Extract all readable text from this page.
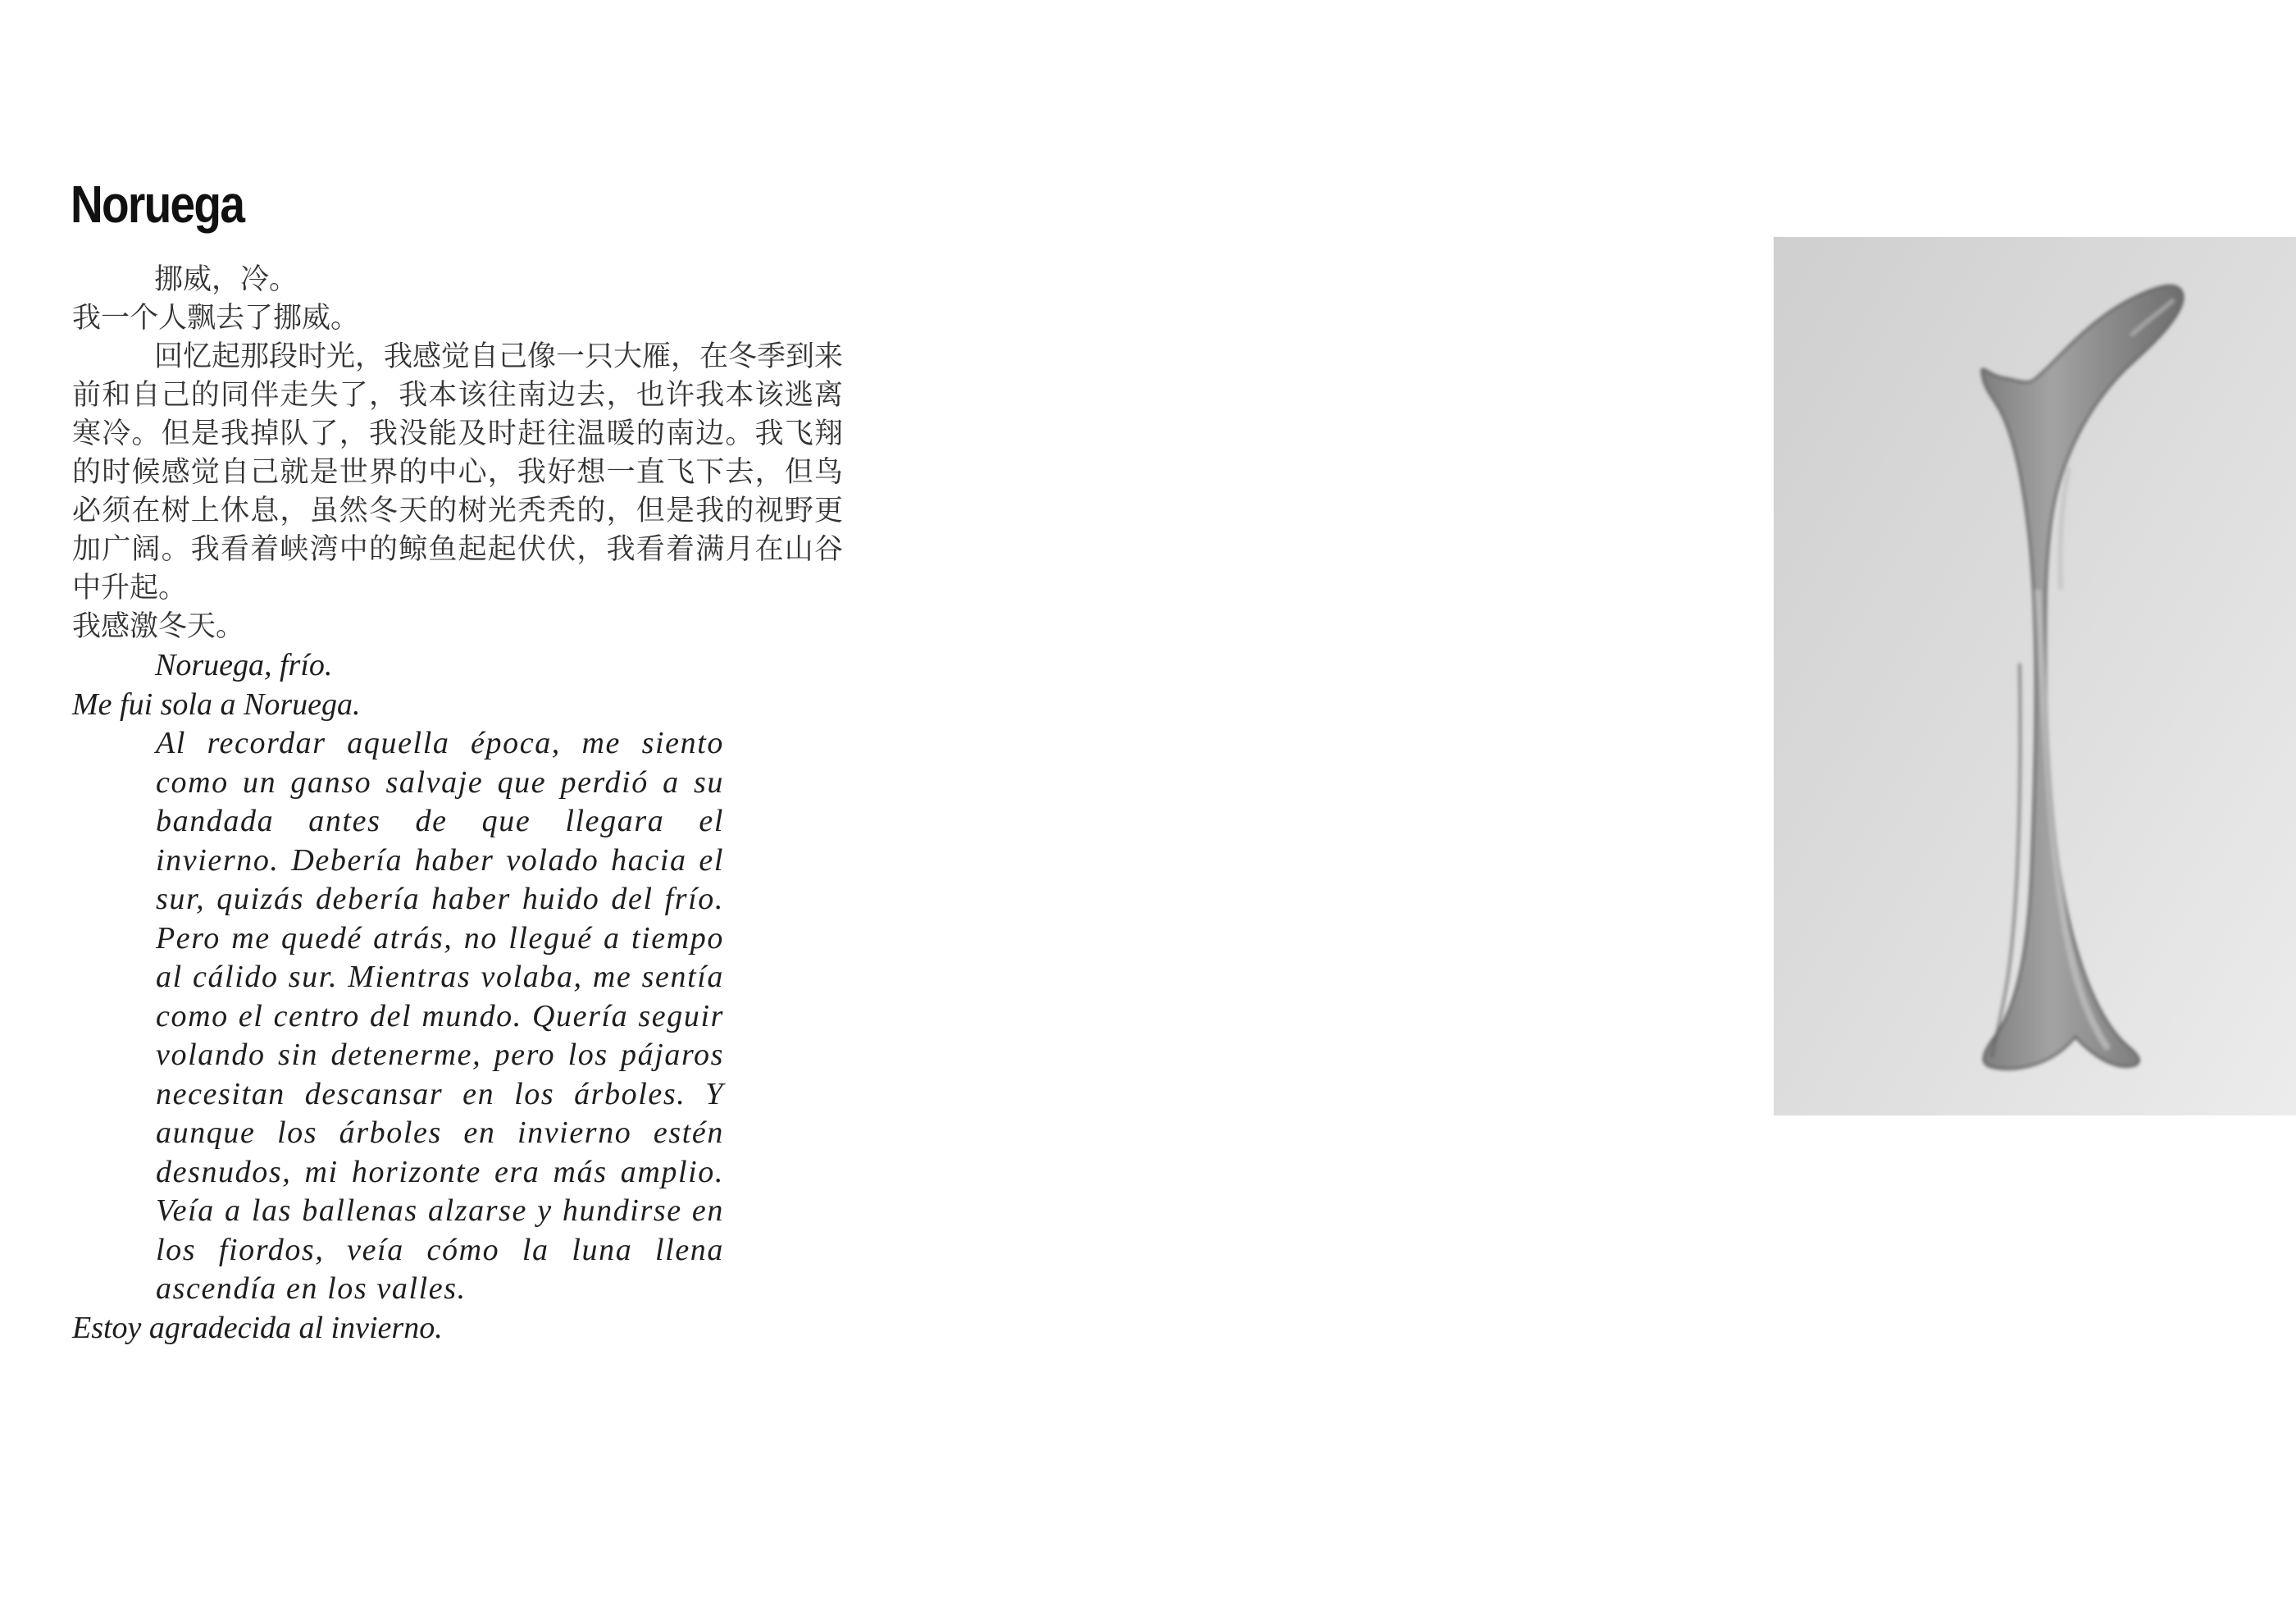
Noruega

挪威，冷。

我一个人飘去了挪威。

回忆起那段时光，我感觉自己像一只大雁，在冬季到来前和自己的同伴走失了，我本该往南边去，也许我本该逃离寒冷。但是我掉队了，我没能及时赶往温暖的南边。我飞翔的时候感觉自己就是世界的中心，我好想一直飞下去，但鸟必须在树上休息，虽然冬天的树光秃秃的，但是我的视野更加广阔。我看着峡湾中的鲸鱼起起伏伏，我看着满月在山谷中升起。

我感激冬天。

Noruega, frío.

Me fui sola a Noruega.

Al recordar aquella época, me siento como un ganso salvaje que perdió a su bandada antes de que llegara el invierno. Debería haber volado hacia el sur, quizás debería haber huido del frío. Pero me quedé atrás, no llegué a tiempo al cálido sur. Mientras volaba, me sentía como el centro del mundo. Quería seguir volando sin detenerme, pero los pájaros necesitan descansar en los árboles. Y aunque los árboles en invierno estén desnudos, mi horizonte era más amplio. Veía a las ballenas alzarse y hundirse en los fiordos, veía cómo la luna llena ascendía en los valles.

Estoy agradecida al invierno.
